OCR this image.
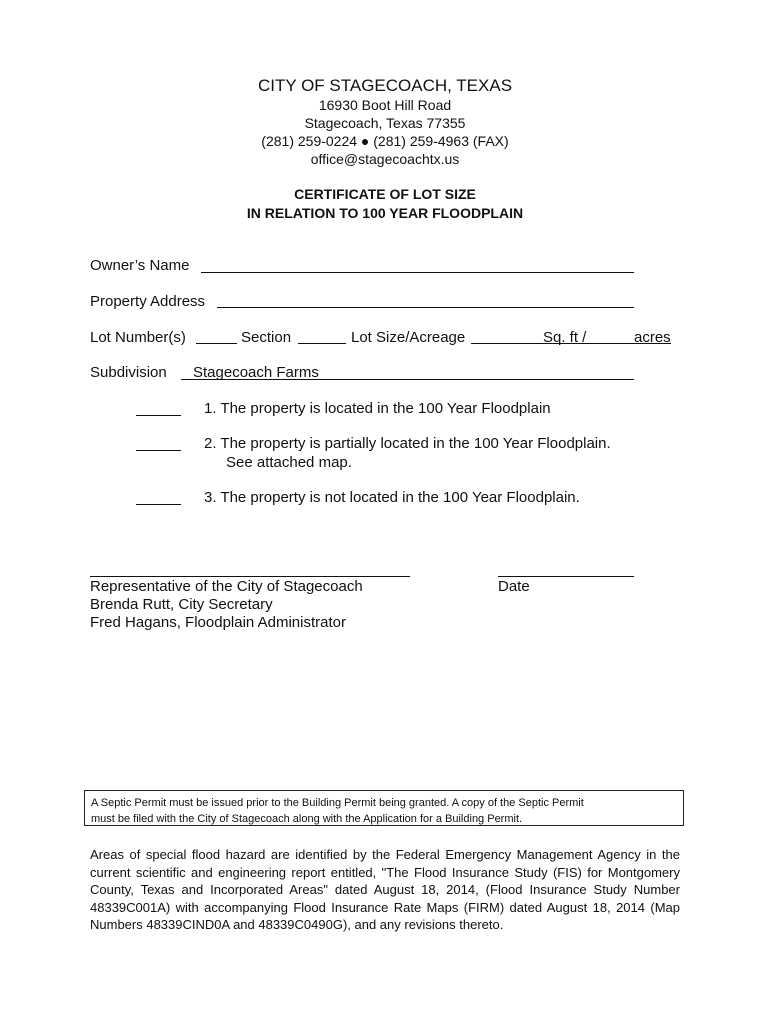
CITY OF STAGECOACH, TEXAS
16930 Boot Hill Road
Stagecoach, Texas 77355
(281) 259-0224 ● (281) 259-4963 (FAX)
office@stagecoachtx.us
CERTIFICATE OF LOT SIZE
IN RELATION TO 100 YEAR FLOODPLAIN
Owner’s Name
Property Address
Lot Number(s)	Section	Lot Size/Acreage	Sq. ft /	acres
Subdivision Stagecoach Farms
1. The property is located in the 100 Year Floodplain
2. The property is partially located in the 100 Year Floodplain.
See attached map.
3. The property is not located in the 100 Year Floodplain.
Representative of the City of Stagecoach
Brenda Rutt, City Secretary
Fred Hagans, Floodplain Administrator
Date
A Septic Permit must be issued prior to the Building Permit being granted. A copy of the Septic Permit
must be filed with the City of Stagecoach along with the Application for a Building Permit.
Areas of special flood hazard are identified by the Federal Emergency Management Agency in the current scientific and engineering report entitled, "The Flood Insurance Study (FIS) for Montgomery County, Texas and Incorporated Areas" dated August 18, 2014, (Flood Insurance Study Number 48339C001A) with accompanying Flood Insurance Rate Maps (FIRM) dated August 18, 2014 (Map Numbers 48339CIND0A and 48339C0490G), and any revisions thereto.
